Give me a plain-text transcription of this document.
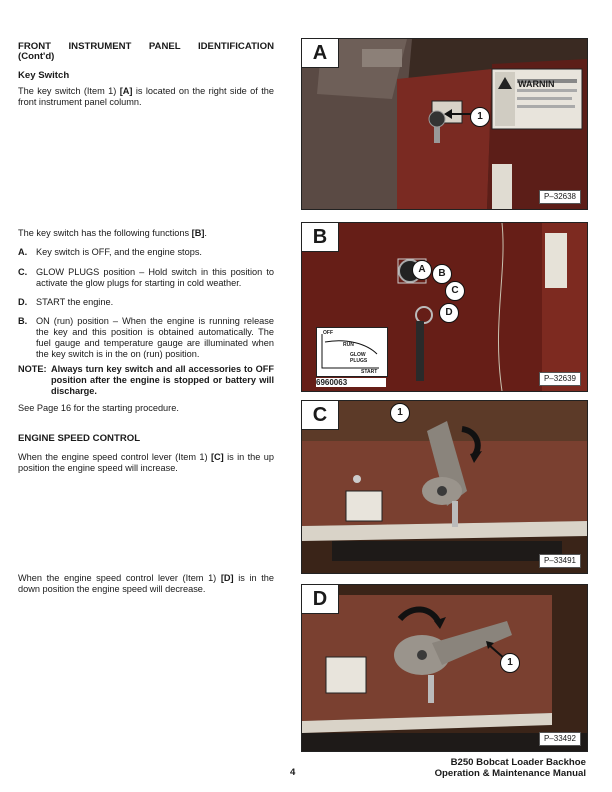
FRONT INSTRUMENT PANEL IDENTIFICATION
(Cont'd)
Key Switch
The key switch (Item 1) [A] is located on the right side of the front instrument panel column.
The key switch has the following functions [B].
A. Key switch is OFF, and the engine stops.
C. GLOW PLUGS position – Hold switch in this position to activate the glow plugs for starting in cold weather.
D. START the engine.
B. ON (run) position – When the engine is running release the key and this position is obtained automatically. The fuel gauge and temperature gauge are illuminated when the key switch is in the on (run) position.
NOTE: Always turn key switch and all accessories to OFF position after the engine is stopped or battery will discharge.
See Page 16 for the starting procedure.
ENGINE SPEED CONTROL
When the engine speed control lever (Item 1) [C] is in the up position the engine speed will increase.
When the engine speed control lever (Item 1) [D] is in the down position the engine speed will decrease.
A
WARNIN
1
P–32638
B
A	B
C
D
OFF
RUN
GLOW
PLUGS
START
6960063	P–32639
C	1
P–33491
D
1
P–33492
4
B250 Bobcat Loader Backhoe
Operation & Maintenance Manual
